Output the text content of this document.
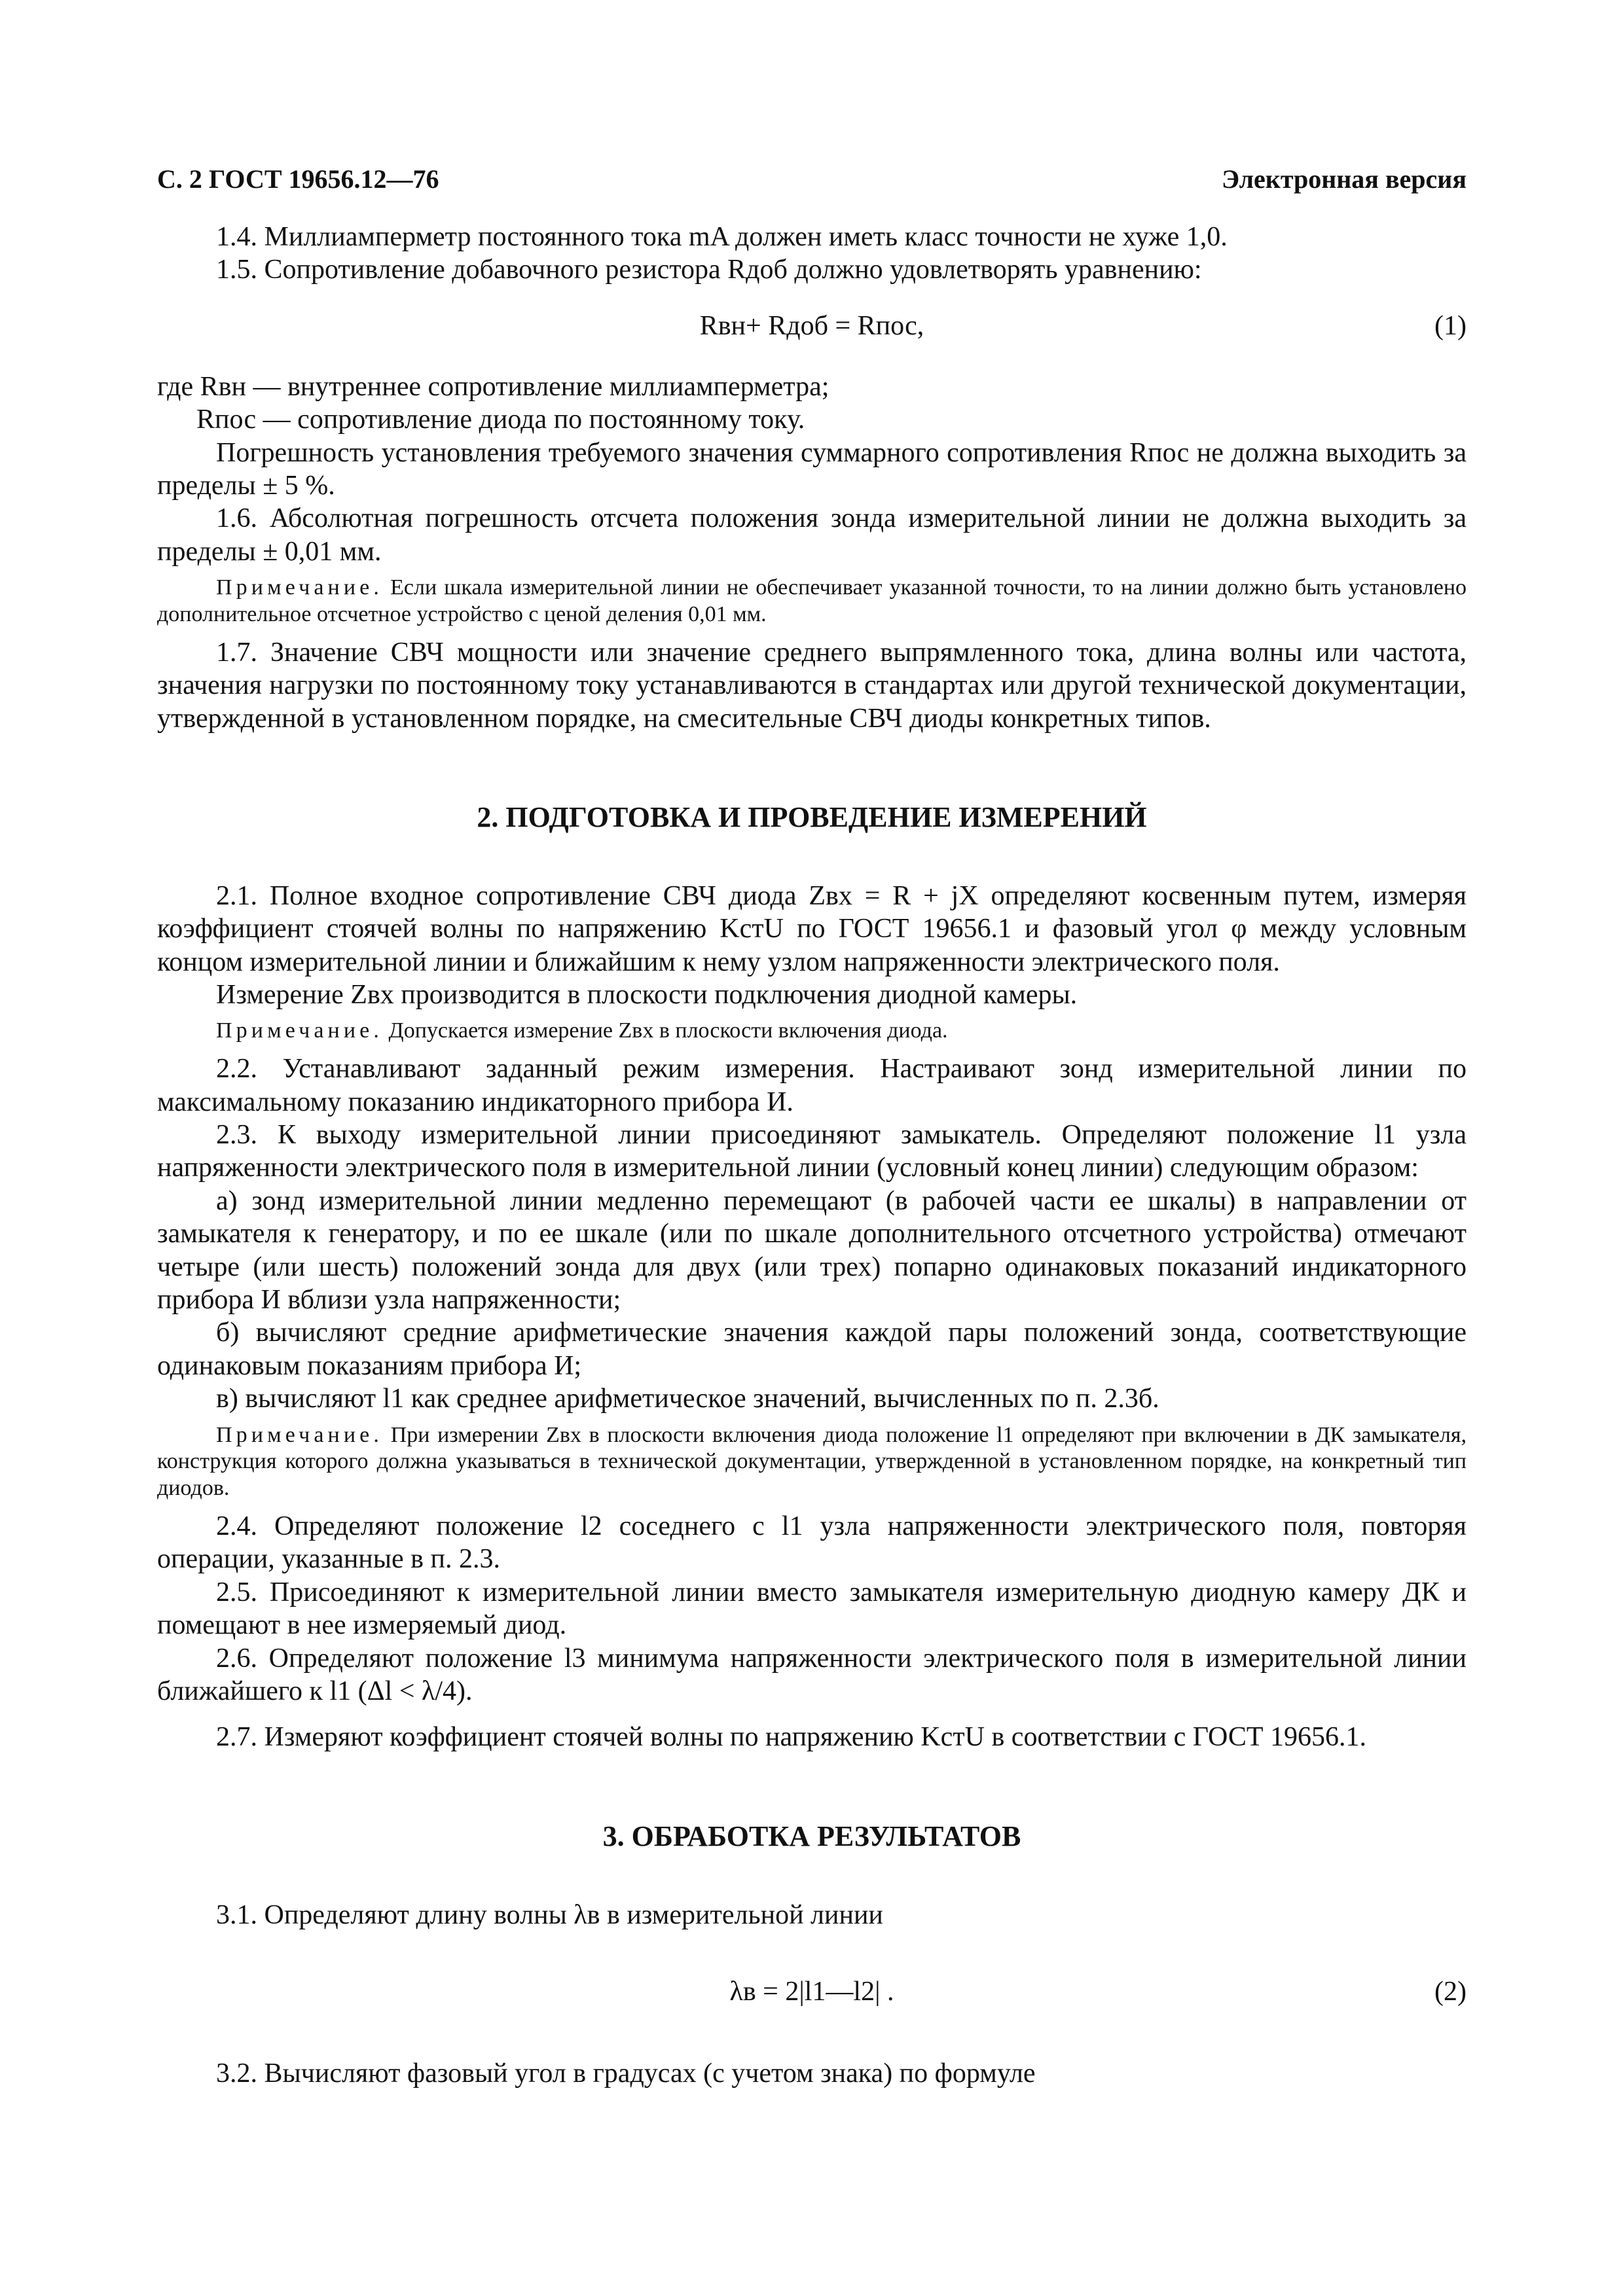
С. 2 ГОСТ 19656.12—76	Электронная версия

1.4. Миллиамперметр постоянного тока mA должен иметь класс точности не хуже 1,0.

1.5. Сопротивление добавочного резистора Rдоб должно удовлетворять уравнению:

Rвн+ Rдоб = Rпос,	(1)

где Rвн — внутреннее сопротивление миллиамперметра;

Rпос — сопротивление диода по постоянному току.

Погрешность установления требуемого значения суммарного сопротивления Rпос не должна выходить за пределы ± 5 %.

1.6. Абсолютная погрешность отсчета положения зонда измерительной линии не должна выходить за пределы ± 0,01 мм.

Примечание. Если шкала измерительной линии не обеспечивает указанной точности, то на линии должно быть установлено дополнительное отсчетное устройство с ценой деления 0,01 мм.

1.7. Значение СВЧ мощности или значение среднего выпрямленного тока, длина волны или частота, значения нагрузки по постоянному току устанавливаются в стандартах или другой технической документации, утвержденной в установленном порядке, на смесительные СВЧ диоды конкретных типов.

2. ПОДГОТОВКА И ПРОВЕДЕНИЕ ИЗМЕРЕНИЙ

2.1. Полное входное сопротивление СВЧ диода Zвх = R + jX определяют косвенным путем, измеряя коэффициент стоячей волны по напряжению KстU по ГОСТ 19656.1 и фазовый угол φ между условным концом измерительной линии и ближайшим к нему узлом напряженности электрического поля.

Измерение Zвх производится в плоскости подключения диодной камеры.

Примечание. Допускается измерение Zвх в плоскости включения диода.

2.2. Устанавливают заданный режим измерения. Настраивают зонд измерительной линии по максимальному показанию индикаторного прибора И.

2.3. К выходу измерительной линии присоединяют замыкатель. Определяют положение l1 узла напряженности электрического поля в измерительной линии (условный конец линии) следующим образом:

а) зонд измерительной линии медленно перемещают (в рабочей части ее шкалы) в направлении от замыкателя к генератору, и по ее шкале (или по шкале дополнительного отсчетного устройства) отмечают четыре (или шесть) положений зонда для двух (или трех) попарно одинаковых показаний индикаторного прибора И вблизи узла напряженности;

б) вычисляют средние арифметические значения каждой пары положений зонда, соответствующие одинаковым показаниям прибора И;

в) вычисляют l1 как среднее арифметическое значений, вычисленных по п. 2.3б.

Примечание. При измерении Zвх в плоскости включения диода положение l1 определяют при включении в ДК замыкателя, конструкция которого должна указываться в технической документации, утвержденной в установленном порядке, на конкретный тип диодов.

2.4. Определяют положение l2 соседнего с l1 узла напряженности электрического поля, повторяя операции, указанные в п. 2.3.

2.5. Присоединяют к измерительной линии вместо замыкателя измерительную диодную камеру ДК и помещают в нее измеряемый диод.

2.6. Определяют положение l3 минимума напряженности электрического поля в измерительной линии ближайшего к l1 (Δl < λ/4).

2.7. Измеряют коэффициент стоячей волны по напряжению KстU в соответствии с ГОСТ 19656.1.

3. ОБРАБОТКА РЕЗУЛЬТАТОВ

3.1. Определяют длину волны λв в измерительной линии

λв = 2|l1—l2| .	(2)

3.2. Вычисляют фазовый угол в градусах (с учетом знака) по формуле
